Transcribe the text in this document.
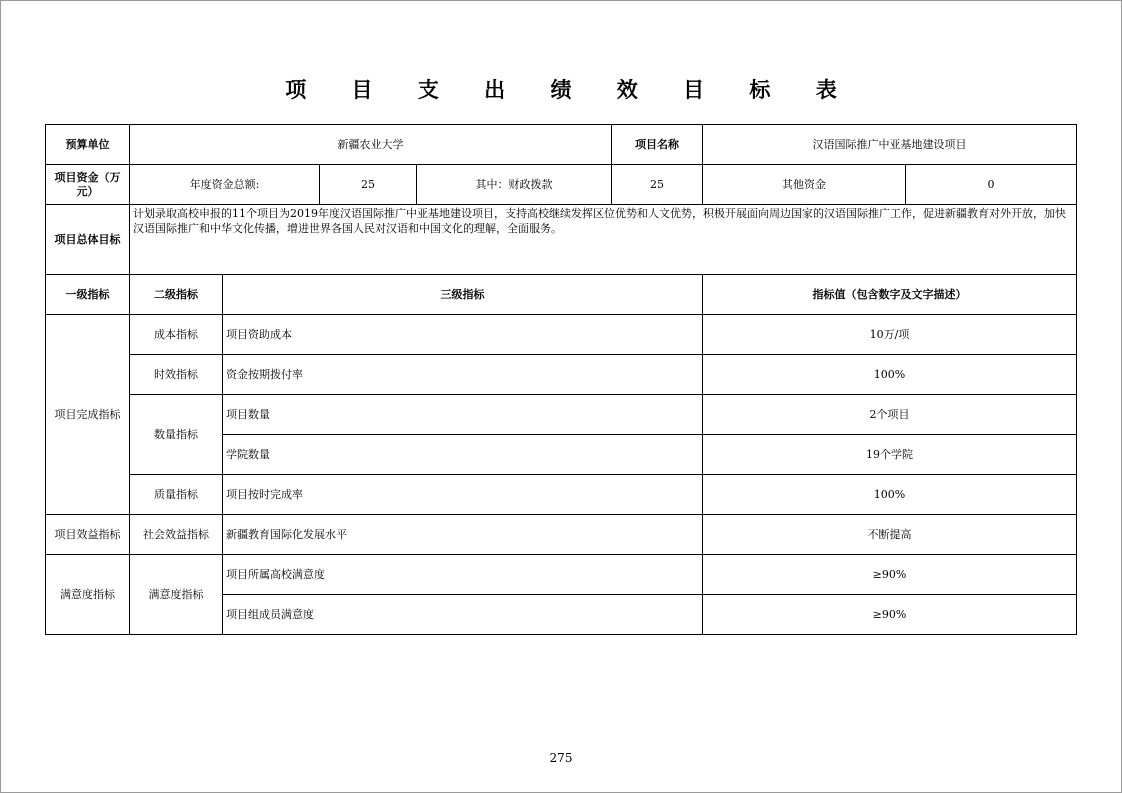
项 目 支 出 绩 效 目 标 表
预算单位	新疆农业大学				项目名称	汉语国际推广中亚基地建设项目	
项目资金（万元）	年度资金总额:		25	其中：财政拨款	25	其他资金	0
项目总体目标	计划录取高校申报的11个项目为2019年度汉语国际推广中亚基地建设项目，支持高校继续发挥区位优势和人文优势，积极开展面向周边国家的汉语国际推广工作，促进新疆教育对外开放，加快汉语国际推广和中华文化传播，增进世界各国人民对汉语和中国文化的理解，全面服务。						
一级指标	二级指标	三级指标				指标值（包含数字及文字描述）	
项目完成指标	成本指标	项目资助成本				10万/项	
	时效指标	资金按期拨付率				100%	
	数量指标	项目数量				2个项目	
		学院数量				19个学院	
	质量指标	项目按时完成率				100%	
项目效益指标	社会效益指标	新疆教育国际化发展水平				不断提高	
满意度指标	满意度指标	项目所属高校满意度				≥90%	
		项目组成员满意度				≥90%	
275
